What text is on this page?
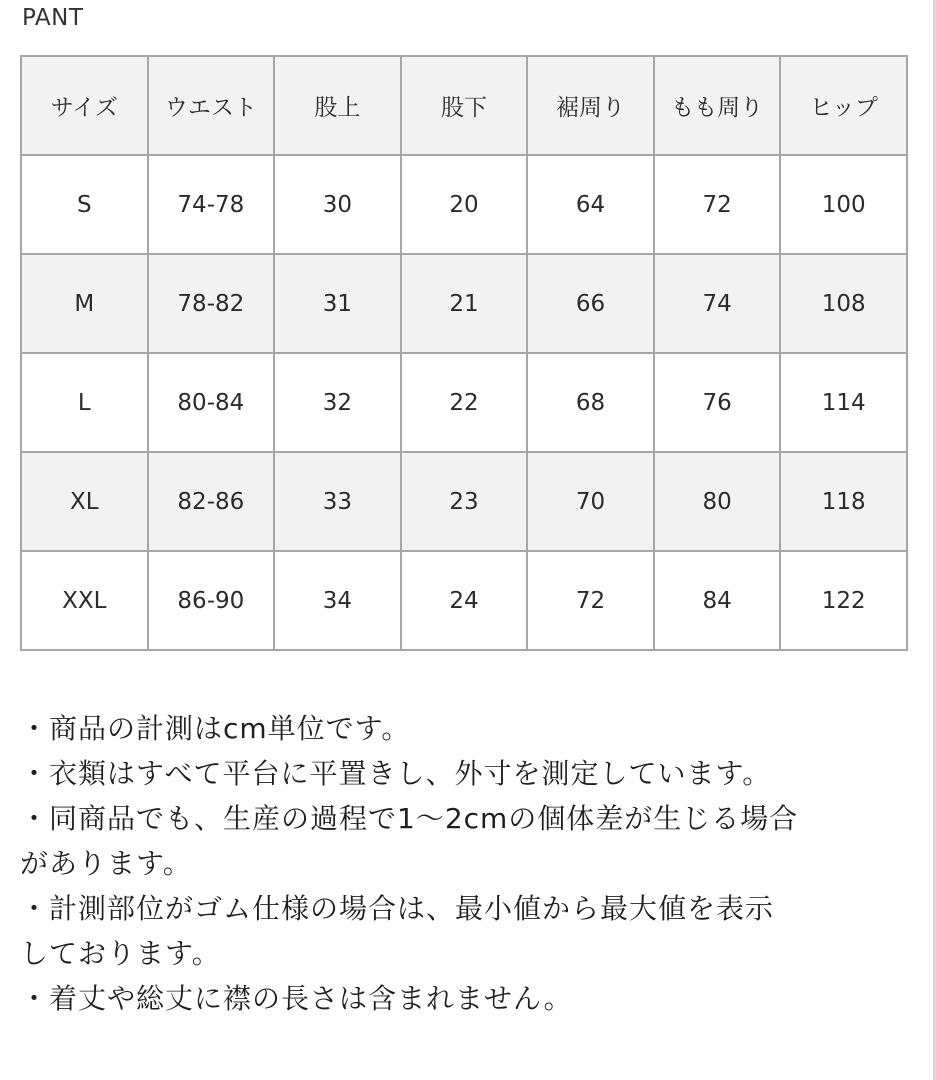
PANT
サイズ	ウエスト	股上	股下	裾周り	もも周り	ヒップ
S	74-78	30	20	64	72	100
M	78-82	31	21	66	74	108
L	80-84	32	22	68	76	114
XL	82-86	33	23	70	80	118
XXL	86-90	34	24	72	84	122
・商品の計測はcm単位です。
・衣類はすべて平台に平置きし、外寸を測定しています。
・同商品でも、生産の過程で1～2cmの個体差が生じる場合
があります。
・計測部位がゴム仕様の場合は、最小値から最大値を表示
しております。
・着丈や総丈に襟の長さは含まれません。
